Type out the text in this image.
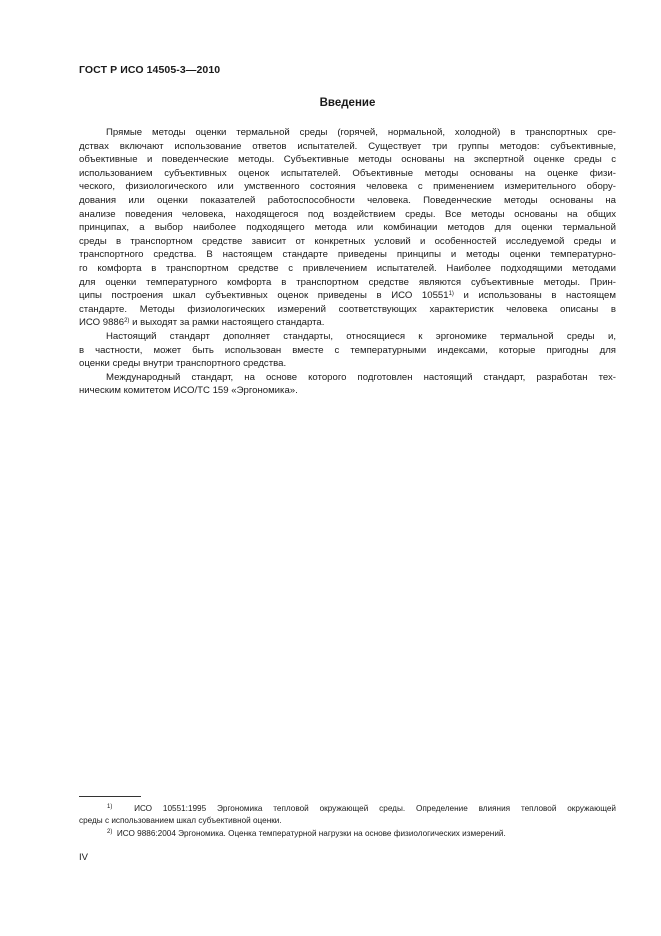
ГОСТ Р ИСО 14505-3—2010
Введение
Прямые методы оценки термальной среды (горячей, нормальной, холодной) в транспортных сре-
дствах включают использование ответов испытателей. Существует три группы методов: субъективные,
объективные и поведенческие методы. Субъективные методы основаны на экспертной оценке среды с
использованием субъективных оценок испытателей. Объективные методы основаны на оценке физи-
ческого, физиологического или умственного состояния человека с применением измерительного обору-
дования или оценки показателей работоспособности человека. Поведенческие методы основаны на
анализе поведения человека, находящегося под воздействием среды. Все методы основаны на общих
принципах, а выбор наиболее подходящего метода или комбинации методов для оценки термальной
среды в транспортном средстве зависит от конкретных условий и особенностей исследуемой среды и
транспортного средства. В настоящем стандарте приведены принципы и методы оценки температурно-
го комфорта в транспортном средстве с привлечением испытателей. Наиболее подходящими методами
для оценки температурного комфорта в транспортном средстве являются субъективные методы. Прин-
ципы построения шкал субъективных оценок приведены в ИСО 10551$^{1)}$ и использованы в настоящем
стандарте. Методы физиологических измерений соответствующих характеристик человека описаны в
ИСО 9886$^{2)}$ и выходят за рамки настоящего стандарта.
Настоящий стандарт дополняет стандарты, относящиеся к эргономике термальной среды и,
в частности, может быть использован вместе с температурными индексами, которые пригодны для
оценки среды внутри транспортного средства.
Международный стандарт, на основе которого подготовлен настоящий стандарт, разработан тех-
ническим комитетом ИСО/ТС 159 «Эргономика».
$^{1)}$	ИСО 10551:1995 Эргономика тепловой окружающей среды. Определение влияния тепловой окружающей
среды с использованием шкал субъективной оценки.
$^{2)}$ ИСО 9886:2004 Эргономика. Оценка температурной нагрузки на основе физиологических измерений.
IV
